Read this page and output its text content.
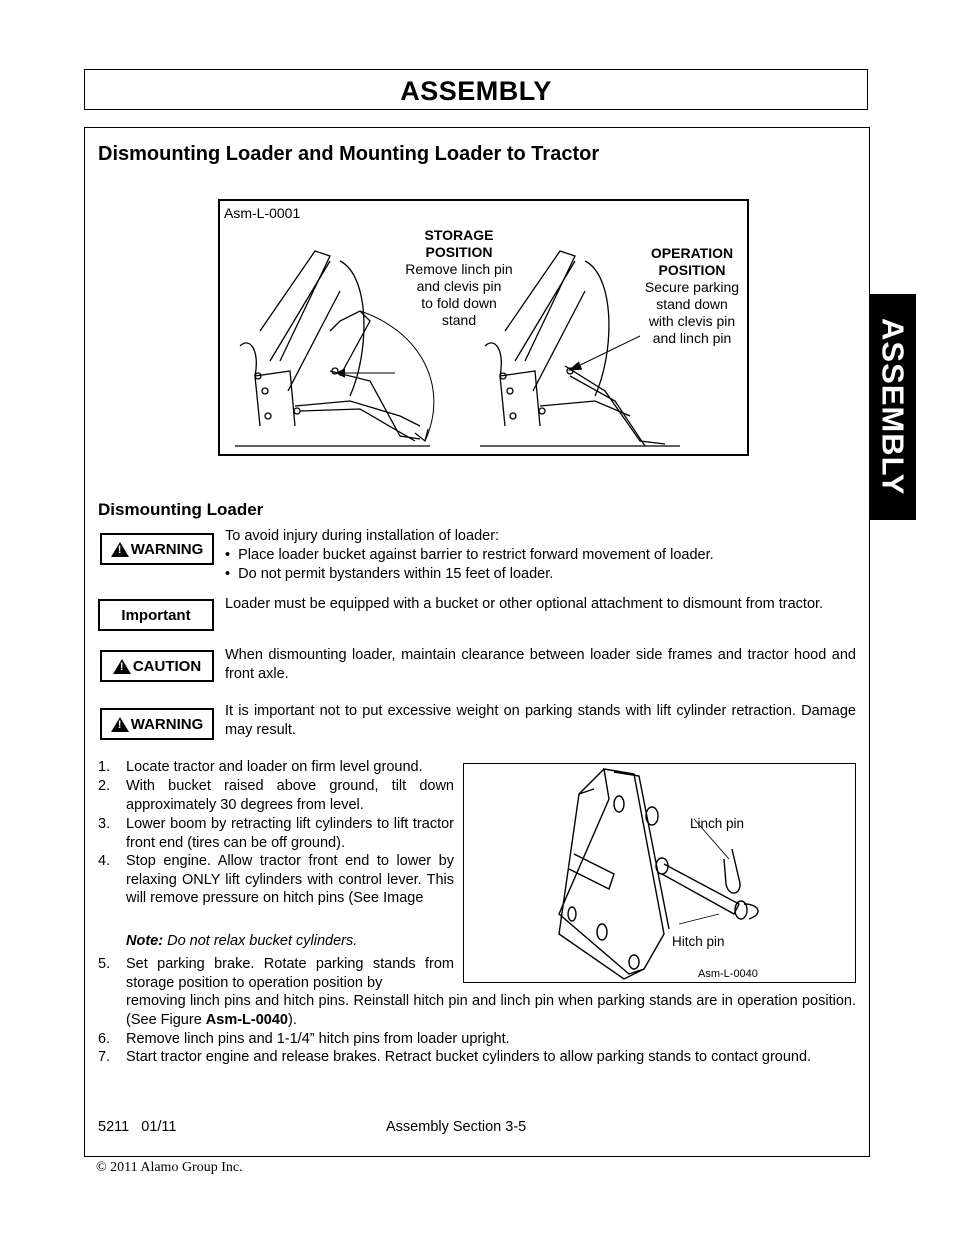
ASSEMBLY
ASSEMBLY
Dismounting Loader and Mounting Loader to Tractor
Asm-L-0001
STORAGE
POSITION
Remove linch pin
and clevis pin
to fold down
stand
OPERATION
POSITION
Secure parking
stand down
with clevis pin
and linch pin
Dismounting Loader
!
WARNING
To avoid injury during installation of loader:
•  Place loader bucket against barrier to restrict forward movement of loader.
•  Do not permit bystanders within 15 feet of loader.
Important
Loader must be equipped with a bucket or other optional attachment to dismount from tractor.
!
CAUTION
When dismounting loader, maintain clearance between loader side frames and tractor hood and front axle.
!
WARNING
It is important not to put excessive weight on parking stands with lift cylinder retraction. Damage may result.
1. Locate tractor and loader on firm level ground.
2. With bucket raised above ground, tilt down approximately 30 degrees from level.
3. Lower boom by retracting lift cylinders to lift tractor front end (tires can be off ground).
4. Stop engine. Allow tractor front end to lower by relaxing ONLY lift cylinders with control lever. This will remove pressure on hitch pins (See Image
Note: Do not relax bucket cylinders.
5. Set parking brake. Rotate parking stands from storage position to operation position by
removing linch pins and hitch pins. Reinstall hitch pin and linch pin when parking stands are in operation position. (See Figure Asm-L-0040).
6. Remove linch pins and 1-1/4” hitch pins from loader upright.
7. Start tractor engine and release brakes. Retract bucket cylinders to allow parking stands to contact ground.
Linch pin
Hitch pin
Asm-L-0040
5211   01/11	Assembly Section 3-5
© 2011 Alamo Group Inc.
